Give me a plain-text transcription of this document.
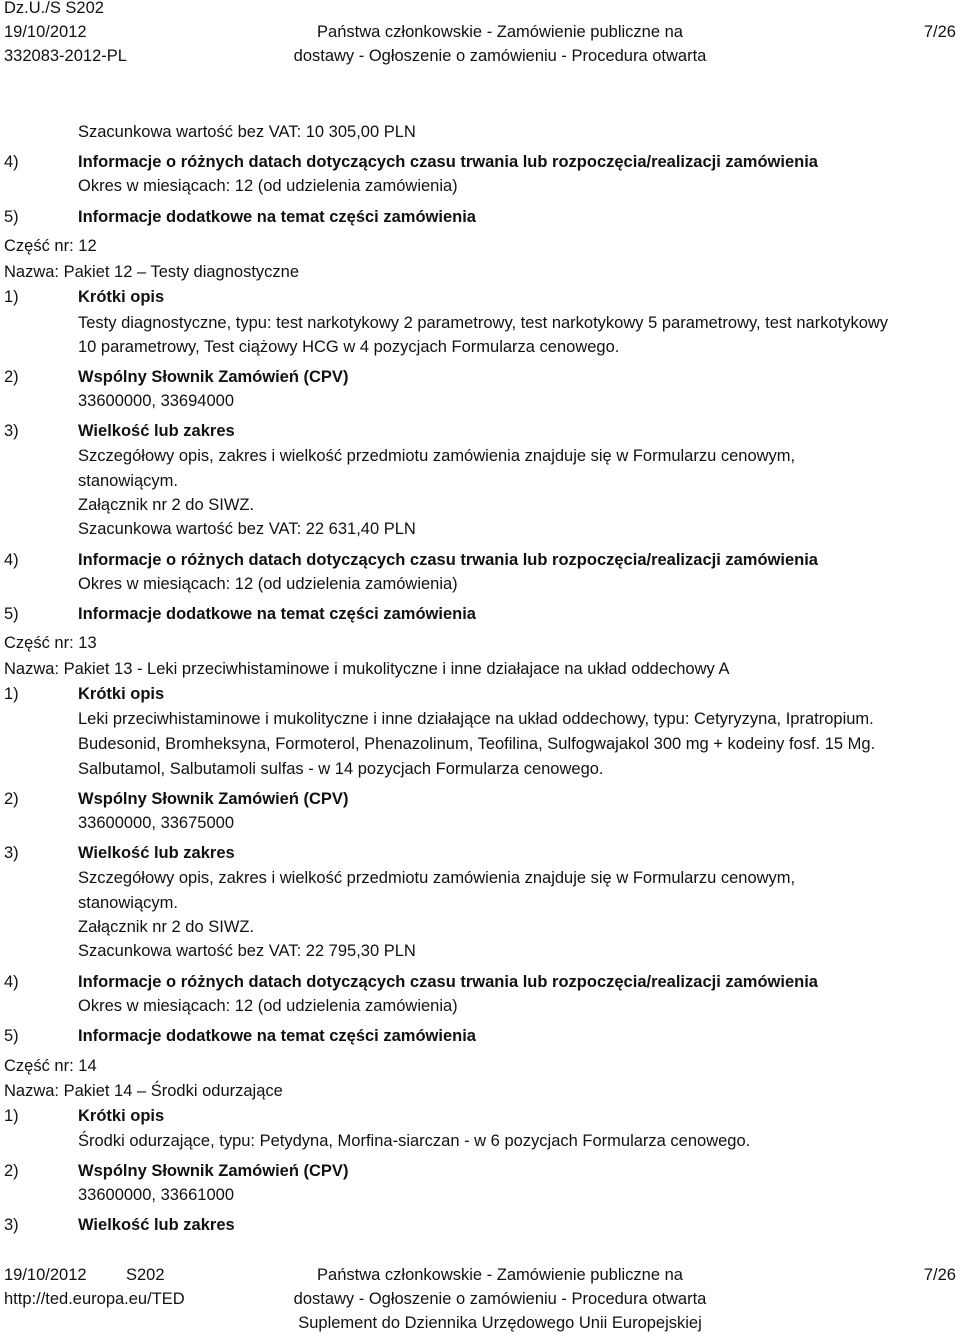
Dz.U./S S202
19/10/2012
332083-2012-PL
Państwa członkowskie - Zamówienie publiczne na
dostawy - Ogłoszenie o zamówieniu - Procedura otwarta
7/26
Szacunkowa wartość bez VAT: 10 305,00 PLN
4)	Informacje o różnych datach dotyczących czasu trwania lub rozpoczęcia/realizacji zamówienia
Okres w miesiącach: 12 (od udzielenia zamówienia)
5)	Informacje dodatkowe na temat części zamówienia
Część nr: 12
Nazwa: Pakiet 12 – Testy diagnostyczne
1)	Krótki opis
Testy diagnostyczne, typu: test narkotykowy 2 parametrowy, test narkotykowy 5 parametrowy, test narkotykowy
10 parametrowy, Test ciążowy HCG w 4 pozycjach Formularza cenowego.
2)	Wspólny Słownik Zamówień (CPV)
33600000, 33694000
3)	Wielkość lub zakres
Szczegółowy opis, zakres i wielkość przedmiotu zamówienia znajduje się w Formularzu cenowym,
stanowiącym.
Załącznik nr 2 do SIWZ.
Szacunkowa wartość bez VAT: 22 631,40 PLN
4)	Informacje o różnych datach dotyczących czasu trwania lub rozpoczęcia/realizacji zamówienia
Okres w miesiącach: 12 (od udzielenia zamówienia)
5)	Informacje dodatkowe na temat części zamówienia
Część nr: 13
Nazwa: Pakiet 13 - Leki przeciwhistaminowe i mukolityczne i inne działajace na układ oddechowy A
1)	Krótki opis
Leki przeciwhistaminowe i mukolityczne i inne działające na układ oddechowy, typu: Cetyryzyna, Ipratropium.
Budesonid, Bromheksyna, Formoterol, Phenazolinum, Teofilina, Sulfogwajakol 300 mg + kodeiny fosf. 15 Mg.
Salbutamol, Salbutamoli sulfas - w 14 pozycjach Formularza cenowego.
2)	Wspólny Słownik Zamówień (CPV)
33600000, 33675000
3)	Wielkość lub zakres
Szczegółowy opis, zakres i wielkość przedmiotu zamówienia znajduje się w Formularzu cenowym,
stanowiącym.
Załącznik nr 2 do SIWZ.
Szacunkowa wartość bez VAT: 22 795,30 PLN
4)	Informacje o różnych datach dotyczących czasu trwania lub rozpoczęcia/realizacji zamówienia
Okres w miesiącach: 12 (od udzielenia zamówienia)
5)	Informacje dodatkowe na temat części zamówienia
Część nr: 14
Nazwa: Pakiet 14 – Środki odurzające
1)	Krótki opis
Środki odurzające, typu: Petydyna, Morfina-siarczan - w 6 pozycjach Formularza cenowego.
2)	Wspólny Słownik Zamówień (CPV)
33600000, 33661000
3)	Wielkość lub zakres
19/10/2012 S202
http://ted.europa.eu/TED
Państwa członkowskie - Zamówienie publiczne na
dostawy - Ogłoszenie o zamówieniu - Procedura otwarta
Suplement do Dziennika Urzędowego Unii Europejskiej
7/26
